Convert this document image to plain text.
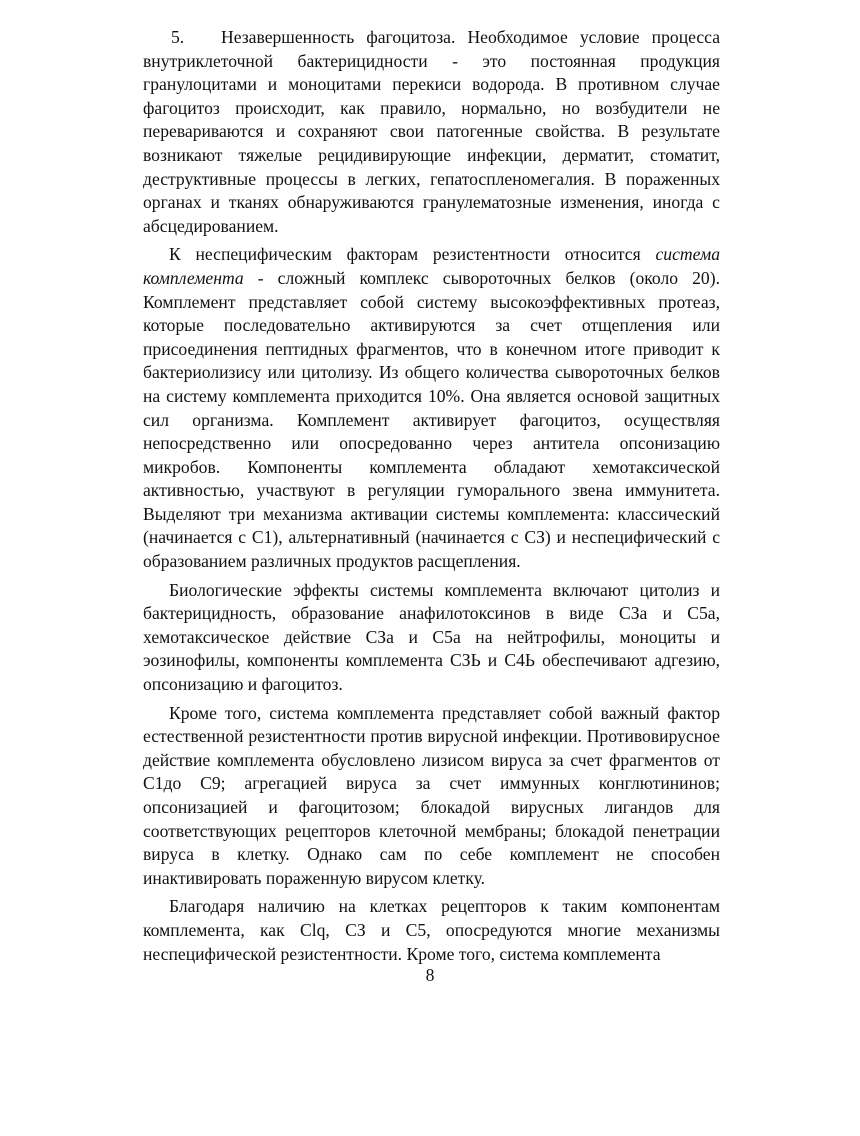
5. Незавершенность фагоцитоза. Необходимое условие процесса внутриклеточной бактерицидности - это постоянная продукция гранулоцитами и моноцитами перекиси водорода. В противном случае фагоцитоз происходит, как правило, нормально, но возбудители не перевариваются и сохраняют свои патогенные свойства. В результате возникают тяжелые рецидивирующие инфекции, дерматит, стоматит, деструктивные процессы в легких, гепатоспленомегалия. В пораженных органах и тканях обнаруживаются гранулематозные изменения, иногда с абсцедированием.

К неспецифическим факторам резистентности относится система комплемента - сложный комплекс сывороточных белков (около 20). Комплемент представляет собой систему высокоэффективных протеаз, которые последовательно активируются за счет отщепления или присоединения пептидных фрагментов, что в конечном итоге приводит к бактериолизису или цитолизу. Из общего количества сывороточных белков на систему комплемента приходится 10%. Она является основой защитных сил организма. Комплемент активирует фагоцитоз, осуществляя непосредственно или опосредованно через антитела опсонизацию микробов. Компоненты комплемента обладают хемотаксической активностью, участвуют в регуляции гуморального звена иммунитета. Выделяют три механизма активации системы комплемента: классический (начинается с С1), альтернативный (начинается с СЗ) и неспецифический с образованием различных продуктов расщепления.

Биологические эффекты системы комплемента включают цитолиз и бактерицидность, образование анафилотоксинов в виде СЗа и С5а, хемотаксическое действие СЗа и С5а на нейтрофилы, моноциты и эозинофилы, компоненты комплемента СЗЬ и С4Ь обеспечивают адгезию, опсонизацию и фагоцитоз.

Кроме того, система комплемента представляет собой важный фактор естественной резистентности против вирусной инфекции. Противовирусное действие комплемента обусловлено лизисом вируса за счет фрагментов от С1до С9; агрегацией вируса за счет иммунных конглютининов; опсонизацией и фагоцитозом; блокадой вирусных лигандов для соответствующих рецепторов клеточной мембраны; блокадой пенетрации вируса в клетку. Однако сам по себе комплемент не способен инактивировать пораженную вирусом клетку.

Благодаря наличию на клетках рецепторов к таким компонентам комплемента, как Clq, СЗ и С5, опосредуются многие механизмы неспецифической резистентности. Кроме того, система комплемента

8
